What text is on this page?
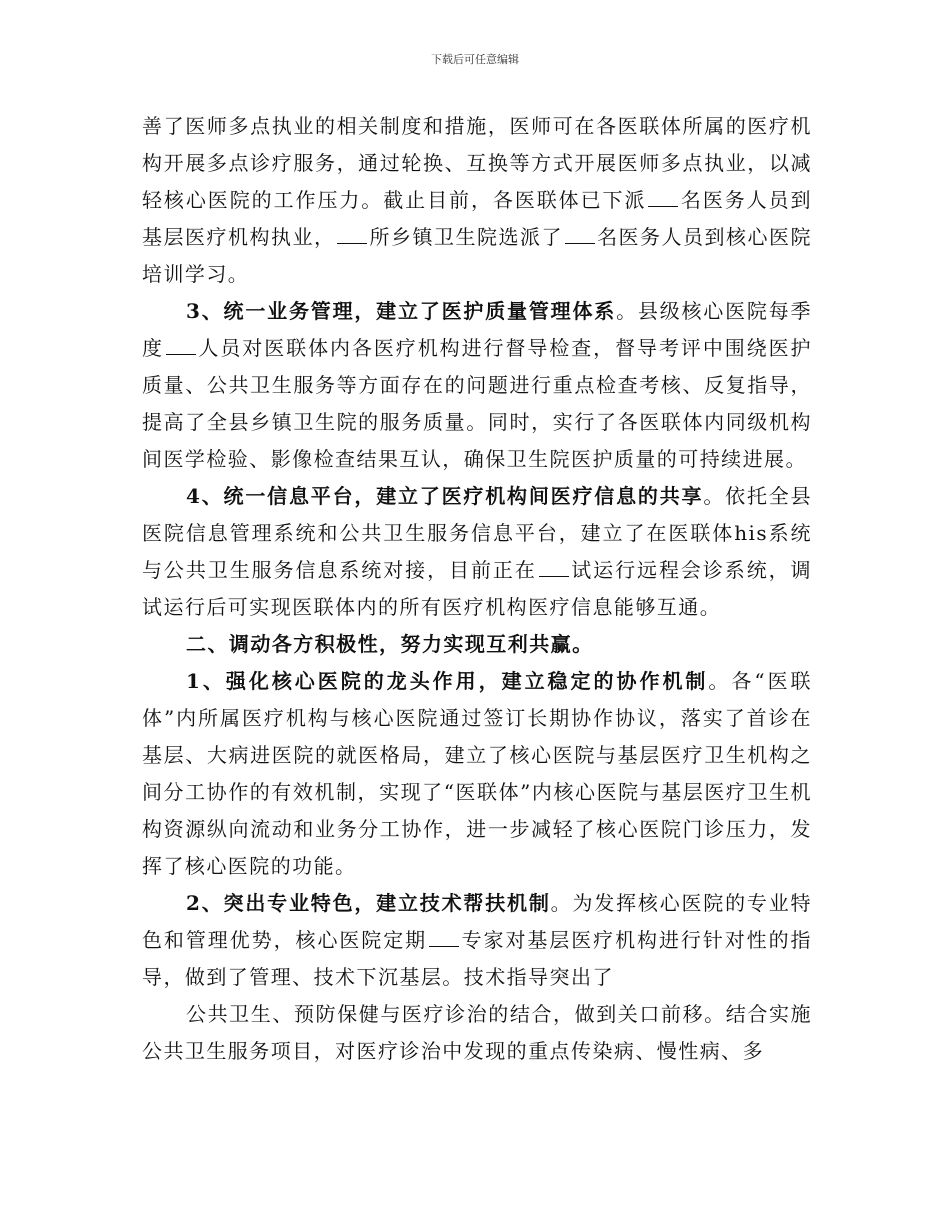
下载后可任意编辑

善了医师多点执业的相关制度和措施，医师可在各医联体所属的医疗机构开展多点诊疗服务，通过轮换、互换等方式开展医师多点执业，以减轻核心医院的工作压力。截止目前，各医联体已下派 名医务人员到基层医疗机构执业， 所乡镇卫生院选派了 名医务人员到核心医院培训学习。

3、统一业务管理，建立了医护质量管理体系。县级核心医院每季度 人员对医联体内各医疗机构进行督导检查，督导考评中围绕医护质量、公共卫生服务等方面存在的问题进行重点检查考核、反复指导，提高了全县乡镇卫生院的服务质量。同时，实行了各医联体内同级机构间医学检验、影像检查结果互认，确保卫生院医护质量的可持续进展。

4、统一信息平台，建立了医疗机构间医疗信息的共享。依托全县医院信息管理系统和公共卫生服务信息平台，建立了在医联体his系统与公共卫生服务信息系统对接，目前正在 试运行远程会诊系统，调试运行后可实现医联体内的所有医疗机构医疗信息能够互通。

二、调动各方积极性，努力实现互利共赢。

1、强化核心医院的龙头作用，建立稳定的协作机制。各“医联体”内所属医疗机构与核心医院通过签订长期协作协议，落实了首诊在基层、大病进医院的就医格局，建立了核心医院与基层医疗卫生机构之间分工协作的有效机制，实现了“医联体”内核心医院与基层医疗卫生机构资源纵向流动和业务分工协作，进一步减轻了核心医院门诊压力，发挥了核心医院的功能。

2、突出专业特色，建立技术帮扶机制。为发挥核心医院的专业特色和管理优势，核心医院定期 专家对基层医疗机构进行针对性的指导，做到了管理、技术下沉基层。技术指导突出了

公共卫生、预防保健与医疗诊治的结合，做到关口前移。结合实施公共卫生服务项目，对医疗诊治中发现的重点传染病、慢性病、多
